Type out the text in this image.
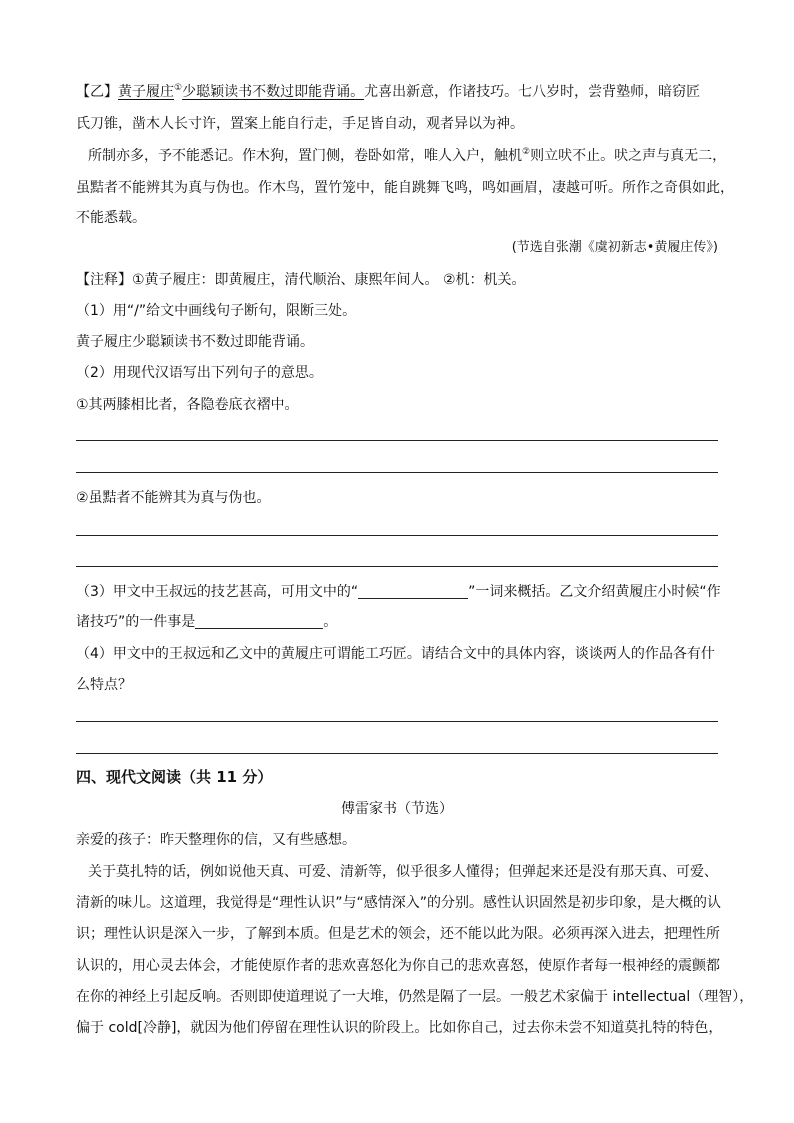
【乙】黄子履庄①少聪颖读书不数过即能背诵。尤喜出新意，作诸技巧。七八岁时，尝背塾师，暗窃匠
氏刀锥，凿木人长寸许，置案上能自行走，手足皆自动，观者异以为神。
所制亦多，予不能悉记。作木狗，置门侧，卷卧如常，唯人入户，触机②则立吠不止。吠之声与真无二，
虽黠者不能辨其为真与伪也。作木鸟，置竹笼中，能自跳舞飞鸣，鸣如画眉，凄越可听。所作之奇俱如此，
不能悉载。
(节选自张潮《虞初新志•黄履庄传》)
【注释】①黄子履庄：即黄履庄，清代顺治、康熙年间人。 ②机：机关。
（1）用“/”给文中画线句子断句，限断三处。
黄子履庄少聪颖读书不数过即能背诵。
（2）用现代汉语写出下列句子的意思。
①其两膝相比者，各隐卷底衣褶中。
②虽黠者不能辨其为真与伪也。
（3）甲文中王叔远的技艺甚高，可用文中的“	”一词来概括。乙文介绍黄履庄小时候“作
诸技巧”的一件事是	。
（4）甲文中的王叔远和乙文中的黄履庄可谓能工巧匠。请结合文中的具体内容，谈谈两人的作品各有什
么特点？
四、现代文阅读（共 11 分）
傅雷家书（节选）
亲爱的孩子：昨天整理你的信，又有些感想。
关于莫扎特的话，例如说他天真、可爱、清新等，似乎很多人懂得；但弹起来还是没有那天真、可爱、
清新的味儿。这道理，我觉得是“理性认识”与“感情深入”的分别。感性认识固然是初步印象，是大概的认
识；理性认识是深入一步，了解到本质。但是艺术的领会，还不能以此为限。必须再深入进去，把理性所
认识的，用心灵去体会，才能使原作者的悲欢喜怒化为你自己的悲欢喜怒，使原作者每一根神经的震颤都
在你的神经上引起反响。否则即使道理说了一大堆，仍然是隔了一层。一般艺术家偏于 intellectual（理智），
偏于 cold[冷静]，就因为他们停留在理性认识的阶段上。比如你自己，过去你未尝不知道莫扎特的特色，
